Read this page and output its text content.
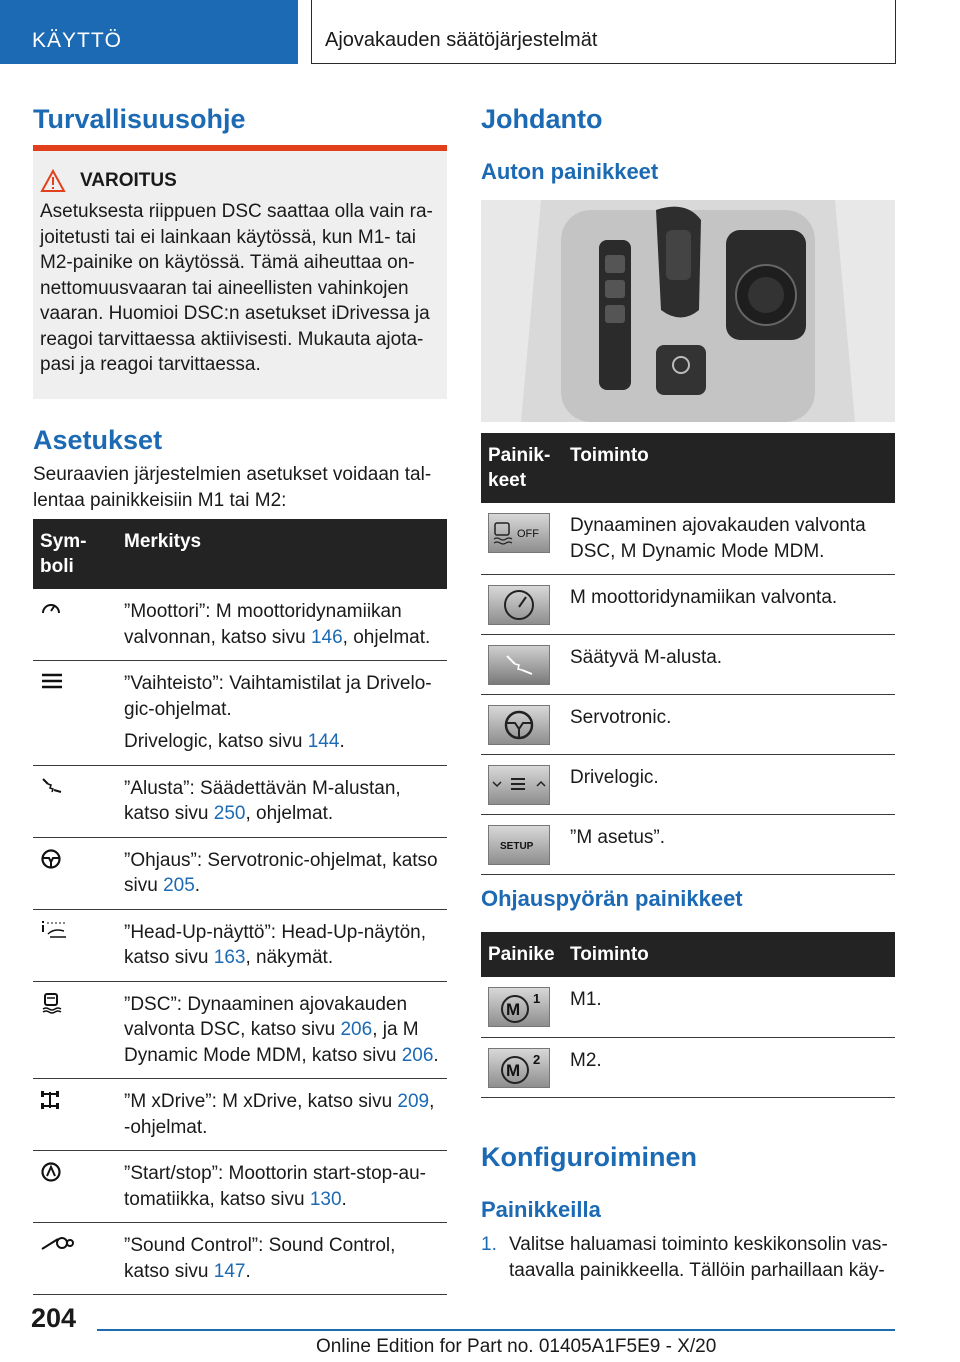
KÄYTTÖ	Ajovakauden säätöjärjestelmät
Turvallisuusohje
VAROITUS
Asetuksesta riippuen DSC saattaa olla vain rajoitetusti tai ei lainkaan käytössä, kun M1- tai M2-painike on käytössä. Tämä aiheuttaa onnettomuusvaaran tai aineellisten vahinkojen vaaran. Huomioi DSC:n asetukset iDrivessa ja reagoi tarvittaessa aktiivisesti. Mukauta ajotapasi ja reagoi tarvittaessa.
Asetukset
Seuraavien järjestelmien asetukset voidaan tallentaa painikkeisiin M1 tai M2:
Symboli	Merkitys
	”Moottori”: M moottoridynamiikan valvonnan, katso sivu 146, ohjelmat.

”Vaihteisto”: Vaihtamistilat ja Drivelogic-ohjelmat.
Drivelogic, katso sivu 144.

	”Alusta”: Säädettävän M-alustan, katso sivu 250, ohjelmat.
	”Ohjaus”: Servotronic-ohjelmat, katso sivu 205.
	”Head-Up-näyttö”: Head-Up-näytön, katso sivu 163, näkymät.
	”DSC”: Dynaaminen ajovakauden valvonta DSC, katso sivu 206, ja M Dynamic Mode MDM, katso sivu 206.
	”M xDrive”: M xDrive, katso sivu 209, -ohjelmat.
	”Start/stop”: Moottorin start-stop-automatiikka, katso sivu 130.
	”Sound Control”: Sound Control, katso sivu 147.
Johdanto
Auton painikkeet
Painikkeet	Toiminto

OFF	Dynaaminen ajovakauden valvonta DSC, M Dynamic Mode MDM.

	M moottoridynamiikan valvonta.

	Säätyvä M-alusta.

	Servotronic.

	Drivelogic.

SETUP	”M asetus”.
Ohjauspyörän painikkeet
Painike	Toiminto

M
1	M1.

M
2	M2.
Konfiguroiminen
Painikkeilla
1. Valitse haluamasi toiminto keskikonsolin vastaavalla painikkeella. Tällöin parhaillaan käy-
204
Online Edition for Part no. 01405A1F5E9 - X/20
